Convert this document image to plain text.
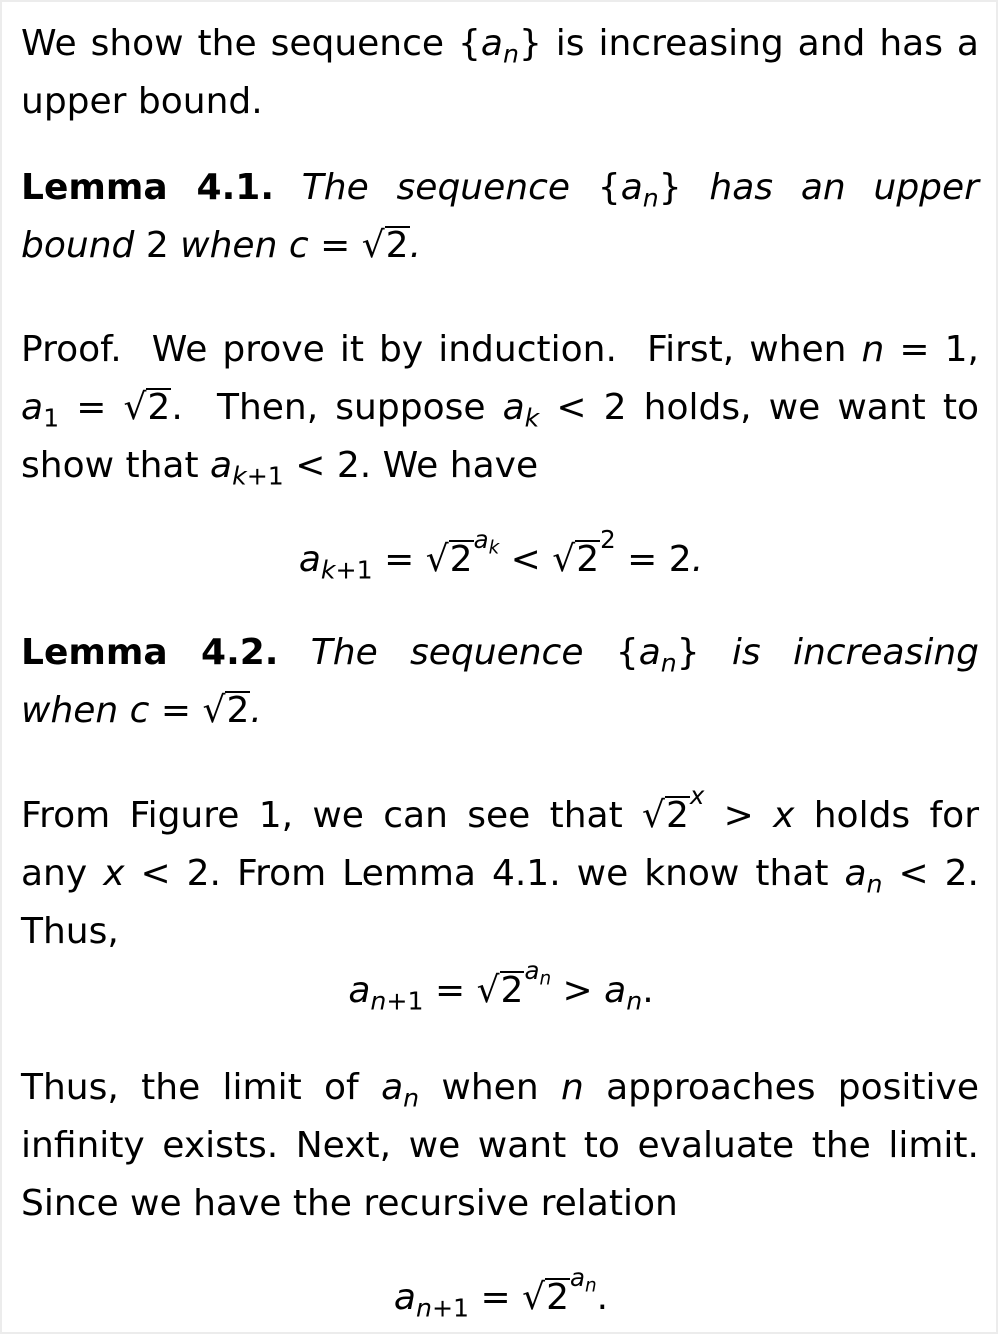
We show the sequence $\{a_n\}$ is increasing and has a
upper bound.
Lemma 4.1. The sequence $\{a_n\}$ has an upper
bound 2 when c = √2.
Proof.  We prove it by induction.  First, when n = 1,
$a_1 = √2$.  Then, suppose $a_k < 2$ holds, we want to
show that $a_{k+1} < 2$. We have
$a_{k+1} = √2^{a_k} < √2^2 = 2$.
Lemma 4.2. The sequence $\{a_n\}$ is increasing
when c = √2.
From Figure 1, we can see that $√2^x > x$ holds for
any x < 2. From Lemma 4.1. we know that $a_n < 2$.
Thus,
$a_{n+1} = √2^{a_n} > a_n$.
Thus, the limit of $a_n$ when n approaches positive
infinity exists. Next, we want to evaluate the limit.
Since we have the recursive relation
$a_{n+1} = √2^{a_n}$.
